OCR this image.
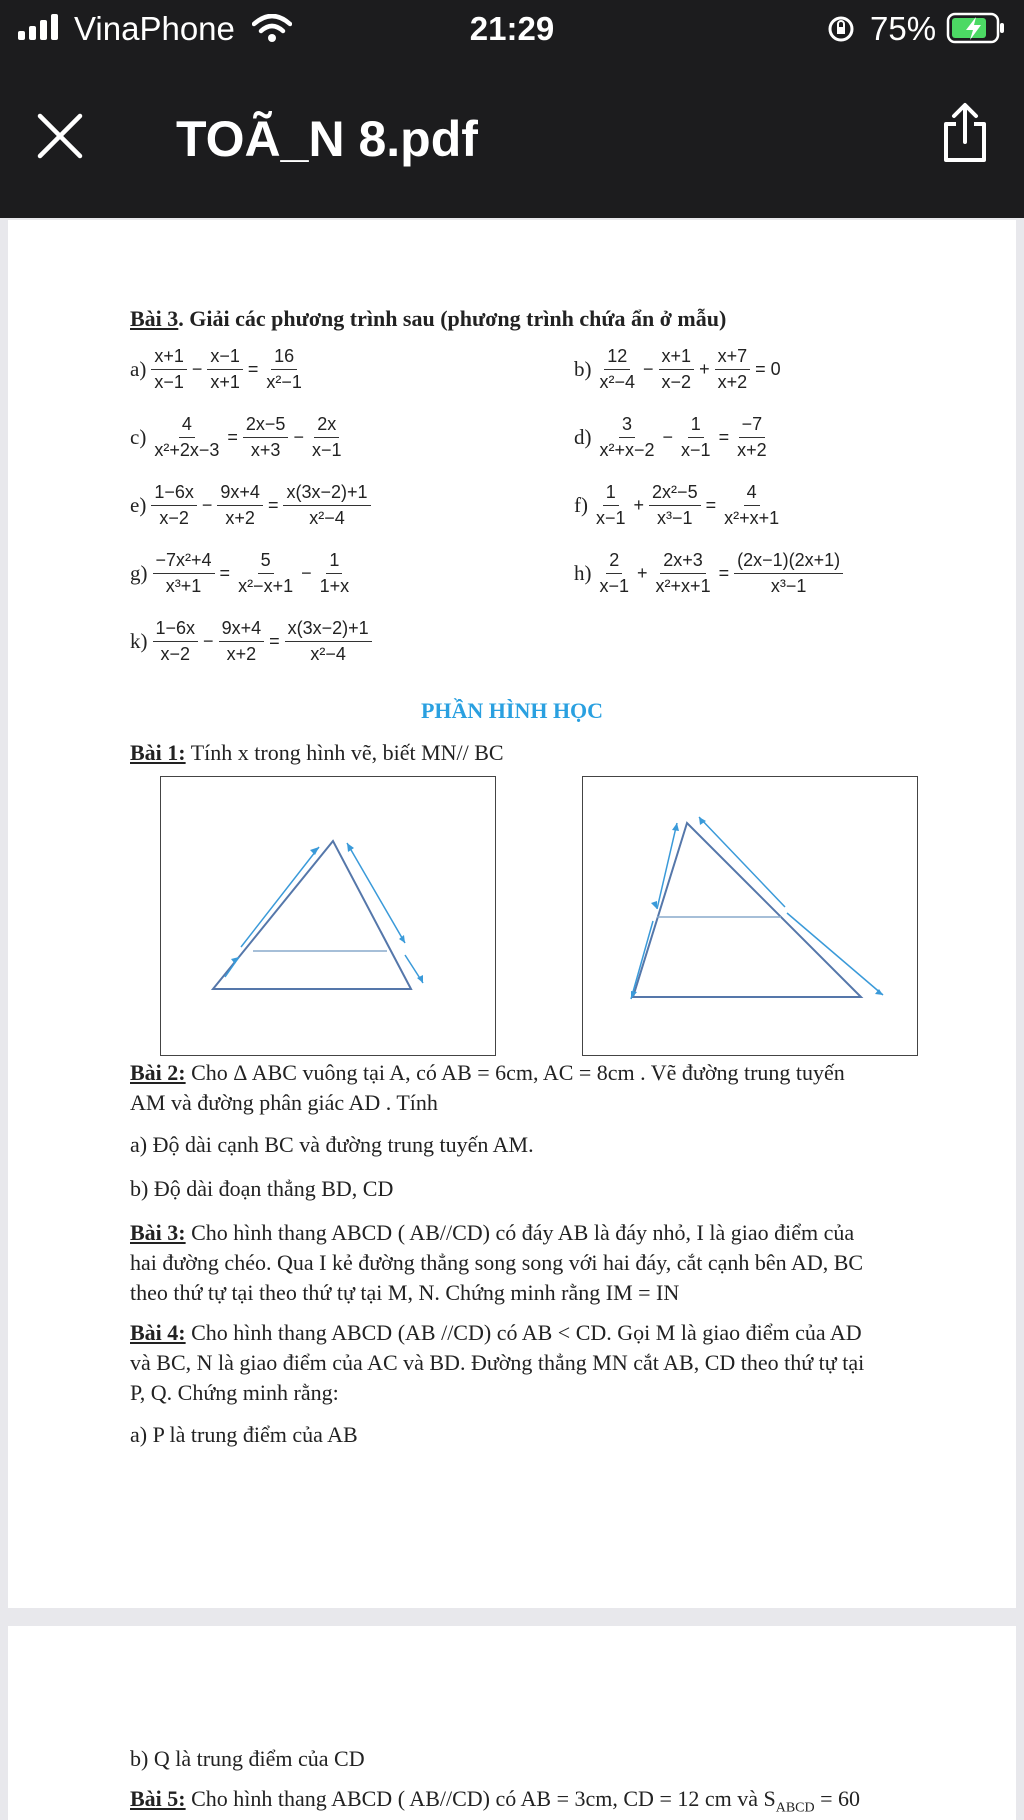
VinaPhone	21:29	75%
TOÃ_N 8.pdf
Bài 3. Giải các phương trình sau (phương trình chứa ẩn ở mẫu)
$a) \frac{x+1}{x-1} - \frac{x-1}{x+1} = \frac{16}{\text{x²−1}}$	$b) \frac{12}{\text{x²−4}} - \frac{x+1}{x-2} + \frac{x+7}{x+2} = 0$
$c) \frac{4}{\text{x²+2x−3}} = \frac{2x-5}{x+3} - \frac{2x}{x-1}$	$d) \frac{3}{\text{x²+x−2}} - \frac{1}{x-1} = \frac{-7}{x+2}$
$e) \frac{1-6x}{x-2} - \frac{9x+4}{x+2} = \frac{x(3x-2)+1}{\text{x²−4}}$	$f) \frac{1}{x-1} + \frac{\text{2x²−5}}{\text{x³−1}} = \frac{4}{\text{x²+x+1}}$
$g) \frac{\text{−7x²+4}}{\text{x³+1}} = \frac{5}{\text{x²−x+1}} - \frac{1}{1+x}$	$h) \frac{2}{x-1} + \frac{2x+3}{\text{x²+x+1}} = \frac{(2x-1)(2x+1)}{\text{x³−1}}$
$k) \frac{1-6x}{x-2} - \frac{9x+4}{x+2} = \frac{x(3x-2)+1}{\text{x²−4}}$
PHẦN HÌNH HỌC
Bài 1: Tính x trong hình vẽ, biết MN// BC
Bài 2: Cho Δ ABC vuông tại A, có AB = 6cm, AC = 8cm . Vẽ đường trung tuyến
AM và đường phân giác AD . Tính
a) Độ dài cạnh BC và đường trung tuyến AM.
b) Độ dài đoạn thẳng BD, CD
Bài 3: Cho hình thang ABCD ( AB//CD) có đáy AB là đáy nhỏ, I là giao điểm của
hai đường chéo. Qua I kẻ đường thẳng song song với hai đáy, cắt cạnh bên AD, BC
theo thứ tự tại theo thứ tự tại M, N. Chứng minh rằng IM = IN
Bài 4: Cho hình thang ABCD (AB //CD) có AB < CD. Gọi M là giao điểm của AD
và BC, N là giao điểm của AC và BD. Đường thẳng MN cắt AB, CD theo thứ tự tại
P, Q. Chứng minh rằng:
a) P là trung điểm của AB
b) Q là trung điểm của CD
Bài 5: Cho hình thang ABCD ( AB//CD) có AB = 3cm, CD = 12 cm và $S_{ABCD} = 60$
